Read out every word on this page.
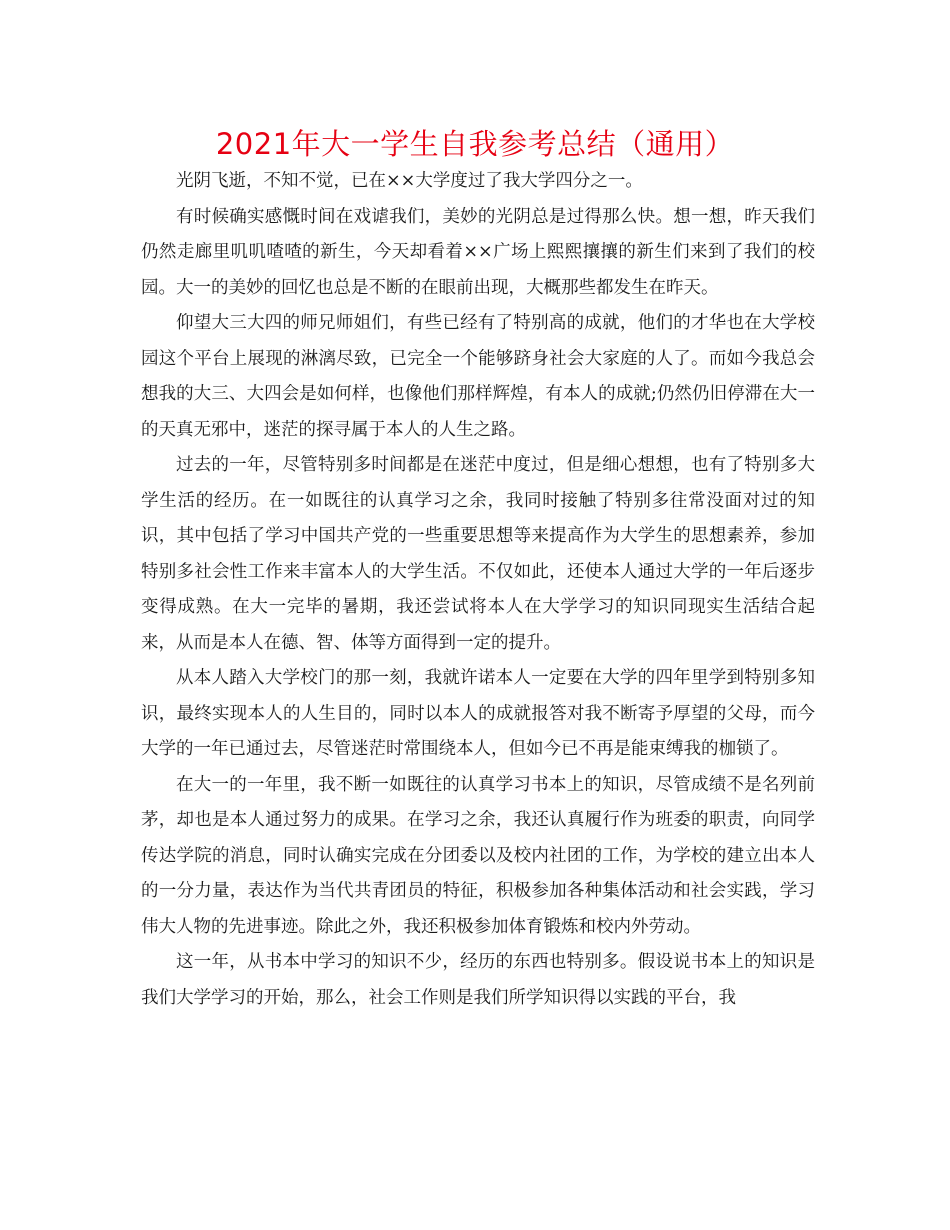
2021年大一学生自我参考总结（通用）

光阴飞逝，不知不觉，已在××大学度过了我大学四分之一。

有时候确实感慨时间在戏谑我们，美妙的光阴总是过得那么快。想一想，昨天我们仍然走廊里叽叽喳喳的新生，今天却看着××广场上熙熙攘攘的新生们来到了我们的校园。大一的美妙的回忆也总是不断的在眼前出现，大概那些都发生在昨天。

仰望大三大四的师兄师姐们，有些已经有了特别高的成就，他们的才华也在大学校园这个平台上展现的淋漓尽致，已完全一个能够跻身社会大家庭的人了。而如今我总会想我的大三、大四会是如何样，也像他们那样辉煌，有本人的成就;仍然仍旧停滞在大一的天真无邪中，迷茫的探寻属于本人的人生之路。

过去的一年，尽管特别多时间都是在迷茫中度过，但是细心想想，也有了特别多大学生活的经历。在一如既往的认真学习之余，我同时接触了特别多往常没面对过的知识，其中包括了学习中国共产党的一些重要思想等来提高作为大学生的思想素养，参加特别多社会性工作来丰富本人的大学生活。不仅如此，还使本人通过大学的一年后逐步变得成熟。在大一完毕的暑期，我还尝试将本人在大学学习的知识同现实生活结合起来，从而是本人在德、智、体等方面得到一定的提升。

从本人踏入大学校门的那一刻，我就许诺本人一定要在大学的四年里学到特别多知识，最终实现本人的人生目的，同时以本人的成就报答对我不断寄予厚望的父母，而今大学的一年已通过去，尽管迷茫时常围绕本人，但如今已不再是能束缚我的枷锁了。

在大一的一年里，我不断一如既往的认真学习书本上的知识，尽管成绩不是名列前茅，却也是本人通过努力的成果。在学习之余，我还认真履行作为班委的职责，向同学传达学院的消息，同时认确实完成在分团委以及校内社团的工作，为学校的建立出本人的一分力量，表达作为当代共青团员的特征，积极参加各种集体活动和社会实践，学习伟大人物的先进事迹。除此之外，我还积极参加体育锻炼和校内外劳动。

这一年，从书本中学习的知识不少，经历的东西也特别多。假设说书本上的知识是我们大学学习的开始，那么，社会工作则是我们所学知识得以实践的平台，我
